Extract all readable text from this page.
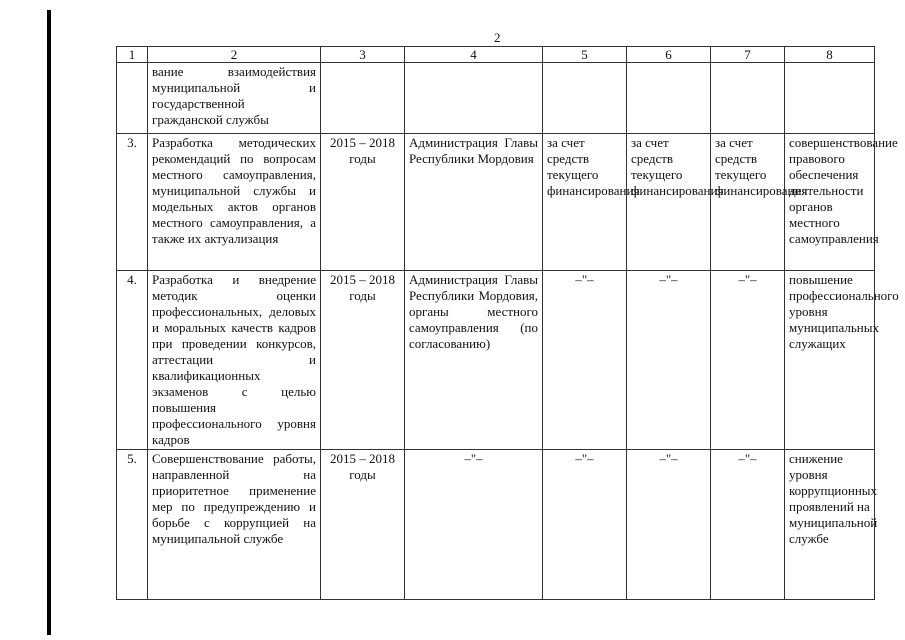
2
1	2	3	4	5	6	7	8
	вание взаимодействия муниципальной и государственной гражданской службы						
3.	Разработка методических рекомендаций по вопросам местного самоуправления, муниципальной службы и модельных актов органов местного самоуправления, а также их актуализация	2015 – 2018 годы	Администрация Главы Республики Мордовия	за счет средств текущего финансирования	за счет средств текущего финансирования	за счет средств текущего финансирования	совершенствование правового обеспечения деятельности органов местного самоуправления
4.	Разработка и внедрение методик оценки профессиональных, деловых и моральных качеств кадров при проведении конкурсов, аттестации и квалификационных экзаменов с целью повышения профессионального уровня кадров	2015 – 2018 годы	Администрация Главы Республики Мордовия, органы местного самоуправления (по согласованию)	–"–	–"–	–"–	повышение профессионального уровня муниципальных служащих
5.	Совершенствование работы, направленной на приоритетное применение мер по предупреждению и борьбе с коррупцией на муниципальной службе	2015 – 2018 годы	–"–	–"–	–"–	–"–	снижение уровня коррупционных проявлений на муниципальной службе
